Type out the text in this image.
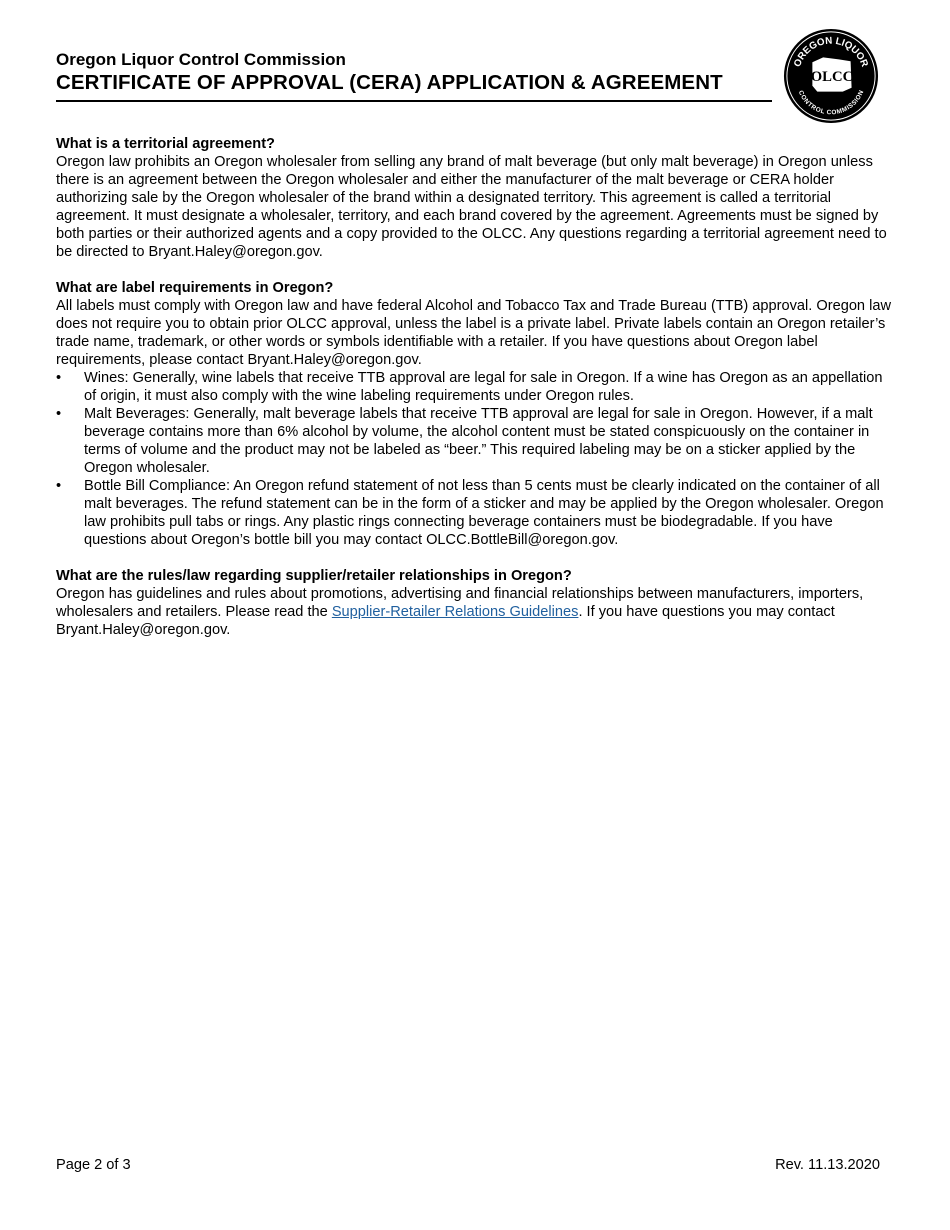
Oregon Liquor Control Commission
CERTIFICATE OF APPROVAL (CERA) APPLICATION & AGREEMENT
OREGON LIQUOR
CONTROL COMMISSION
OLCC

What is a territorial agreement?

Oregon law prohibits an Oregon wholesaler from selling any brand of malt beverage (but only malt beverage) in Oregon unless there is an agreement between the Oregon wholesaler and either the manufacturer of the malt beverage or CERA holder authorizing sale by the Oregon wholesaler of the brand within a designated territory. This agreement is called a territorial agreement. It must designate a wholesaler, territory, and each brand covered by the agreement. Agreements must be signed by both parties or their authorized agents and a copy provided to the OLCC. Any questions regarding a territorial agreement need to be directed to Bryant.Haley@oregon.gov.

What are label requirements in Oregon?

All labels must comply with Oregon law and have federal Alcohol and Tobacco Tax and Trade Bureau (TTB) approval. Oregon law does not require you to obtain prior OLCC approval, unless the label is a private label. Private labels contain an Oregon retailer’s trade name, trademark, or other words or symbols identifiable with a retailer. If you have questions about Oregon label requirements, please contact Bryant.Haley@oregon.gov.

•	Wines: Generally, wine labels that receive TTB approval are legal for sale in Oregon. If a wine has Oregon as an appellation of origin, it must also comply with the wine labeling requirements under Oregon rules.
•	Malt Beverages: Generally, malt beverage labels that receive TTB approval are legal for sale in Oregon. However, if a malt beverage contains more than 6% alcohol by volume, the alcohol content must be stated conspicuously on the container in terms of volume and the product may not be labeled as “beer.” This required labeling may be on a sticker applied by the Oregon wholesaler.
•	Bottle Bill Compliance: An Oregon refund statement of not less than 5 cents must be clearly indicated on the container of all malt beverages. The refund statement can be in the form of a sticker and may be applied by the Oregon wholesaler. Oregon law prohibits pull tabs or rings. Any plastic rings connecting beverage containers must be biodegradable. If you have questions about Oregon’s bottle bill you may contact OLCC.BottleBill@oregon.gov.

What are the rules/law regarding supplier/retailer relationships in Oregon?

Oregon has guidelines and rules about promotions, advertising and financial relationships between manufacturers, importers, wholesalers and retailers. Please read the Supplier-Retailer Relations Guidelines. If you have questions you may contact Bryant.Haley@oregon.gov.

Page 2 of 3	Rev. 11.13.2020
